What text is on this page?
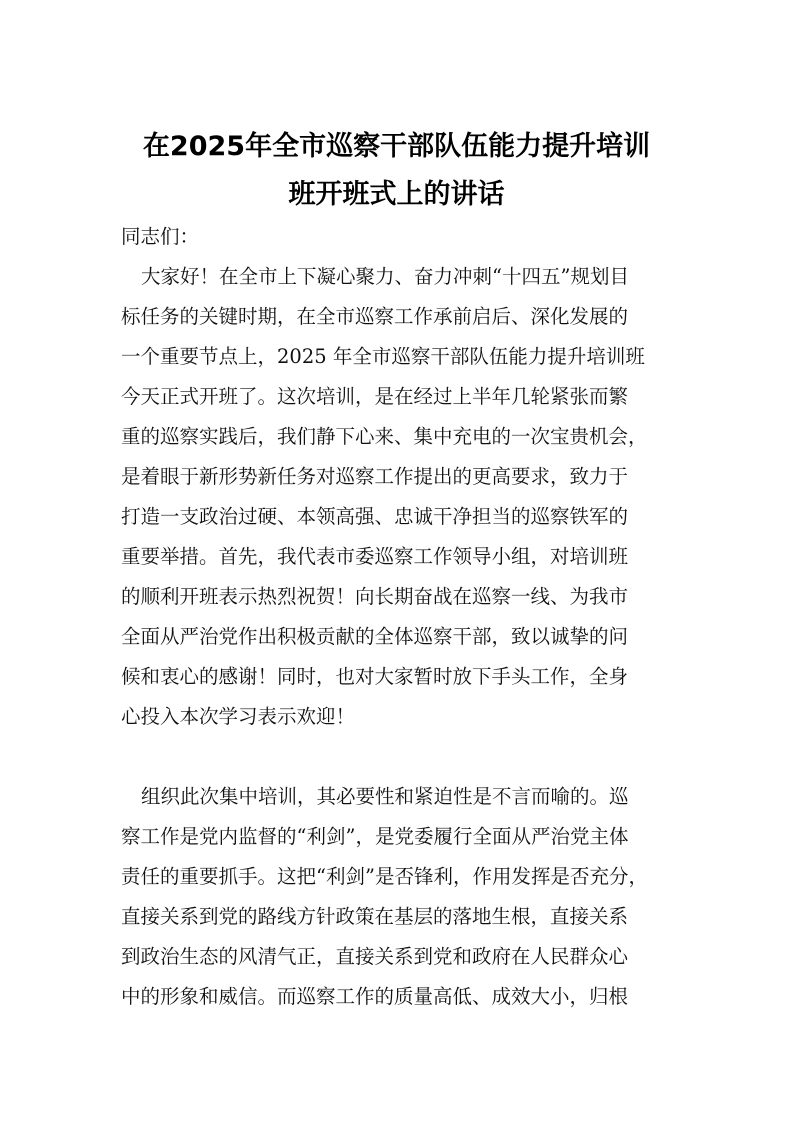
在2025年全市巡察干部队伍能力提升培训
班开班式上的讲话
同志们：
大家好！在全市上下凝心聚力、奋力冲刺“十四五”规划目
标任务的关键时期，在全市巡察工作承前启后、深化发展的
一个重要节点上，2025 年全市巡察干部队伍能力提升培训班
今天正式开班了。这次培训，是在经过上半年几轮紧张而繁
重的巡察实践后，我们静下心来、集中充电的一次宝贵机会，
是着眼于新形势新任务对巡察工作提出的更高要求，致力于
打造一支政治过硬、本领高强、忠诚干净担当的巡察铁军的
重要举措。首先，我代表市委巡察工作领导小组，对培训班
的顺利开班表示热烈祝贺！向长期奋战在巡察一线、为我市
全面从严治党作出积极贡献的全体巡察干部，致以诚挚的问
候和衷心的感谢！同时，也对大家暂时放下手头工作，全身
心投入本次学习表示欢迎！
组织此次集中培训，其必要性和紧迫性是不言而喻的。巡
察工作是党内监督的“利剑”，是党委履行全面从严治党主体
责任的重要抓手。这把“利剑”是否锋利，作用发挥是否充分，
直接关系到党的路线方针政策在基层的落地生根，直接关系
到政治生态的风清气正，直接关系到党和政府在人民群众心
中的形象和威信。而巡察工作的质量高低、成效大小，归根
